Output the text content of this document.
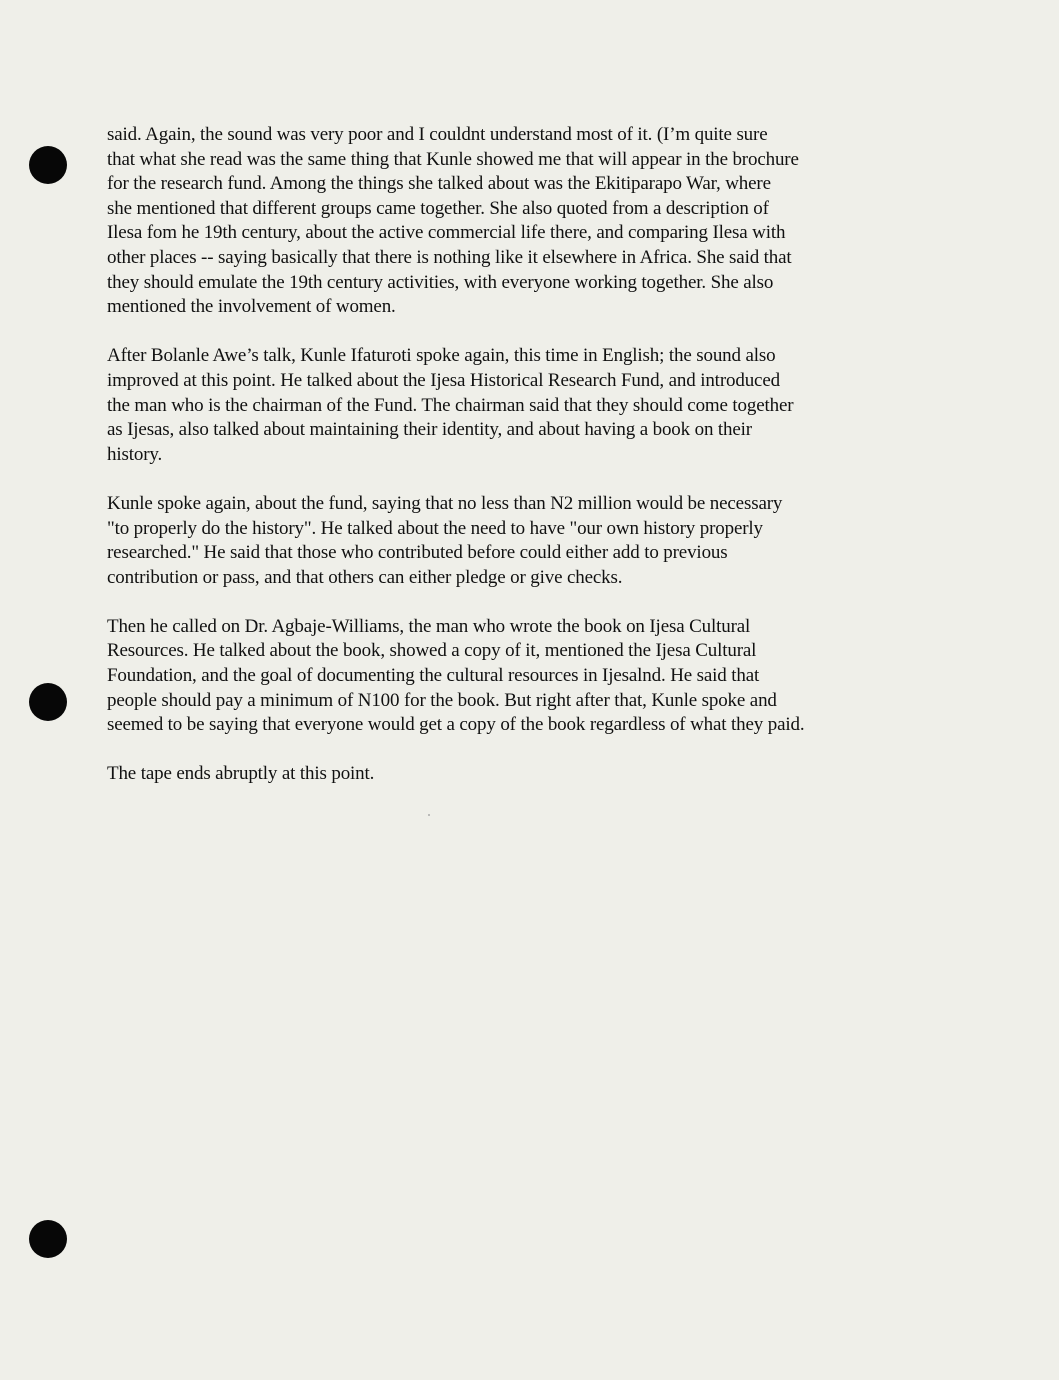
said. Again, the sound was very poor and I couldnt understand most of it. (I’m quite sure
that what she read was the same thing that Kunle showed me that will appear in the brochure
for the research fund. Among the things she talked about was the Ekitiparapo War, where
she mentioned that different groups came together. She also quoted from a description of
Ilesa fom he 19th century, about the active commercial life there, and comparing Ilesa with
other places -- saying basically that there is nothing like it elsewhere in Africa. She said that
they should emulate the 19th century activities, with everyone working together. She also
mentioned the involvement of women.

After Bolanle Awe’s talk, Kunle Ifaturoti spoke again, this time in English; the sound also
improved at this point. He talked about the Ijesa Historical Research Fund, and introduced
the man who is the chairman of the Fund. The chairman said that they should come together
as Ijesas, also talked about maintaining their identity, and about having a book on their
history.

Kunle spoke again, about the fund, saying that no less than N2 million would be necessary
"to properly do the history". He talked about the need to have "our own history properly
researched." He said that those who contributed before could either add to previous
contribution or pass, and that others can either pledge or give checks.

Then he called on Dr. Agbaje-Williams, the man who wrote the book on Ijesa Cultural
Resources. He talked about the book, showed a copy of it, mentioned the Ijesa Cultural
Foundation, and the goal of documenting the cultural resources in Ijesalnd. He said that
people should pay a minimum of N100 for the book. But right after that, Kunle spoke and
seemed to be saying that everyone would get a copy of the book regardless of what they paid.

The tape ends abruptly at this point.
